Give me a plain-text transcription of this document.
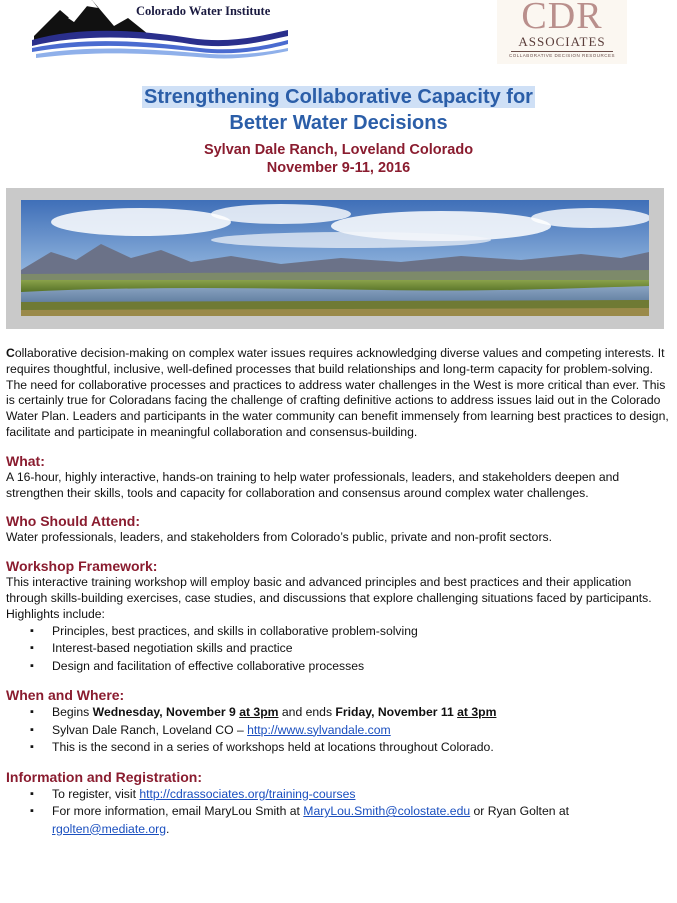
Colorado Water Institute	CDR
ASSOCIATES
COLLABORATIVE DECISION RESOURCES
Strengthening Collaborative Capacity for
Better Water Decisions
Sylvan Dale Ranch, Loveland Colorado
November 9-11, 2016

Collaborative decision-making on complex water issues requires acknowledging diverse values and competing interests. It requires thoughtful, inclusive, well-defined processes that build relationships and long-term capacity for problem-solving. The need for collaborative processes and practices to address water challenges in the West is more critical than ever. This is certainly true for Coloradans facing the challenge of crafting definitive actions to address issues laid out in the Colorado Water Plan. Leaders and participants in the water community can benefit immensely from learning best practices to design, facilitate and participate in meaningful collaboration and consensus-building.

What:

A 16-hour, highly interactive, hands-on training to help water professionals, leaders, and stakeholders deepen and strengthen their skills, tools and capacity for collaboration and consensus around complex water challenges.

Who Should Attend:

Water professionals, leaders, and stakeholders from Colorado’s public, private and non-profit sectors.

Workshop Framework:

This interactive training workshop will employ basic and advanced principles and best practices and their application through skills-building exercises, case studies, and discussions that explore challenging situations faced by participants. Highlights include:

▪ Principles, best practices, and skills in collaborative problem-solving
▪ Interest-based negotiation skills and practice
▪ Design and facilitation of effective collaborative processes
When and Where:
▪ Begins Wednesday, November 9 at 3pm and ends Friday, November 11 at 3pm
▪ Sylvan Dale Ranch, Loveland CO – http://www.sylvandale.com
▪ This is the second in a series of workshops held at locations throughout Colorado.
Information and Registration:
▪ To register, visit http://cdrassociates.org/training-courses
▪ For more information, email MaryLou Smith at MaryLou.Smith@colostate.edu or Ryan Golten at rgolten@mediate.org.
